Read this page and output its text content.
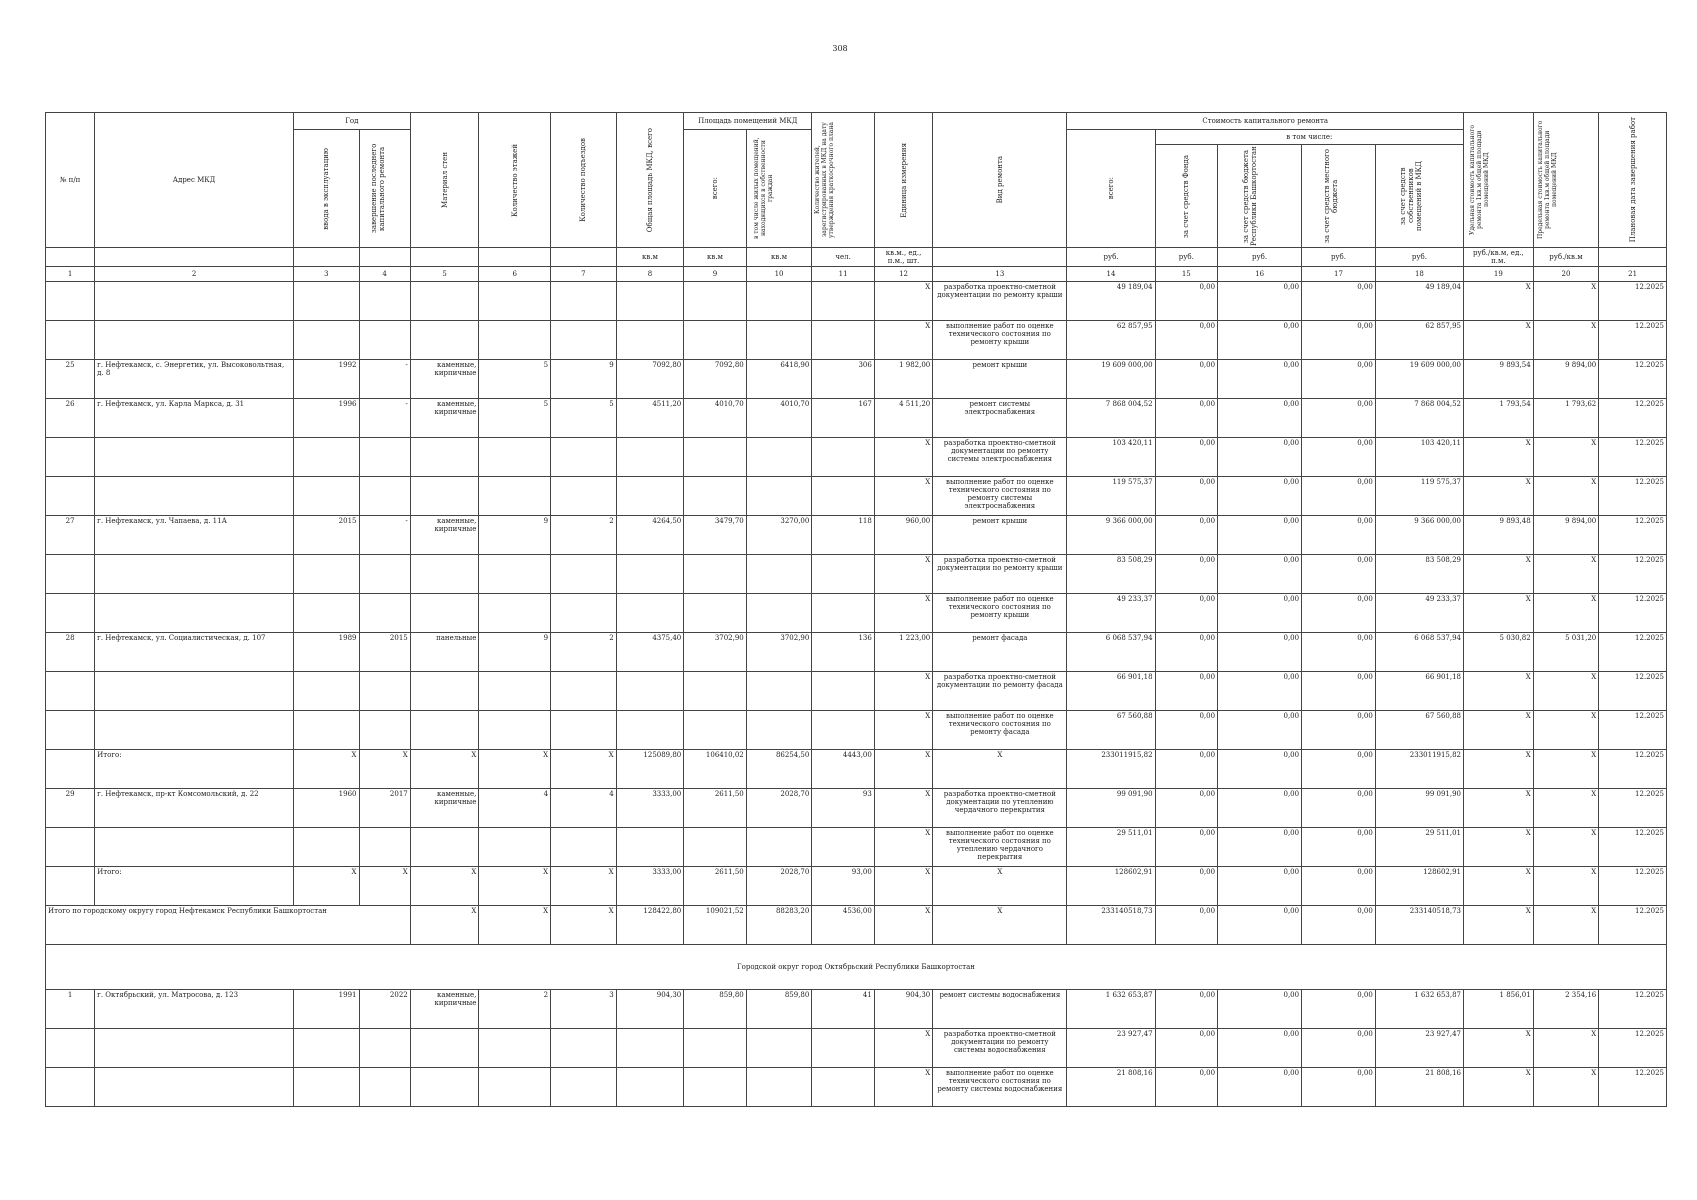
308
№ п/п	Адрес МКД	Год		Материал стен	Количество этажей	Количество подъездов	Общая площадь МКД, всего	Площадь помещений МКД		Количество жителей, зарегистрированных в МКД на дату утверждения краткосрочного плана	Единица измерения	Вид ремонта	Стоимость капитального ремонта					Удельная стоимость капитального ремонта 1кв.м общей площади помещений МКД	Предельная стоимость капитального ремонта 1кв.м общей площади помещений МКД	Плановая дата завершения работ

		ввода в эксплуатацию	завершение последнего капитального ремонта					всего:	в том числе жилых помещений, находящихся в собственности граждан				всего:	в том числе:						

														за счет средств Фонда	за счет средств бюджета Республики Башкортостан	за счет средств местного бюджета	за счет средств собственников помещений в МКД			

							кв.м	кв.м	кв.м	чел.	кв.м., ед., п.м., шт.		руб.	руб.	руб.	руб.	руб.	руб./кв.м, ед., п.м.	руб./кв.м	
1	2	3	4	5	6	7	8	9	10	11	12	13	14	15	16	17	18	19	20	21
											X	разработка проектно-сметной документации по ремонту крыши	49 189,04	0,00	0,00	0,00	49 189,04	X	X	12.2025
											X	выполнение работ по оценке технического состояния по ремонту крыши	62 857,95	0,00	0,00	0,00	62 857,95	X	X	12.2025
25	г. Нефтекамск, с. Энергетик, ул. Высоковольтная, д. 8	1992	-	каменные, кирпичные	5	9	7092,80	7092,80	6418,90	306	1 982,00	ремонт крыши	19 609 000,00	0,00	0,00	0,00	19 609 000,00	9 893,54	9 894,00	12.2025
26	г. Нефтекамск, ул. Карла Маркса, д. 31	1996	-	каменные, кирпичные	5	5	4511,20	4010,70	4010,70	167	4 511,20	ремонт системы электроснабжения	7 868 004,52	0,00	0,00	0,00	7 868 004,52	1 793,54	1 793,62	12.2025
											X	разработка проектно-сметной документации по ремонту системы электроснабжения	103 420,11	0,00	0,00	0,00	103 420,11	X	X	12.2025
											X	выполнение работ по оценке технического состояния по ремонту системы электроснабжения	119 575,37	0,00	0,00	0,00	119 575,37	X	X	12.2025
27	г. Нефтекамск, ул. Чапаева, д. 11А	2015	-	каменные, кирпичные	9	2	4264,50	3479,70	3270,00	118	960,00	ремонт крыши	9 366 000,00	0,00	0,00	0,00	9 366 000,00	9 893,48	9 894,00	12.2025
											X	разработка проектно-сметной документации по ремонту крыши	83 508,29	0,00	0,00	0,00	83 508,29	X	X	12.2025
											X	выполнение работ по оценке технического состояния по ремонту крыши	49 233,37	0,00	0,00	0,00	49 233,37	X	X	12.2025
28	г. Нефтекамск, ул. Социалистическая, д. 107	1989	2015	панельные	9	2	4375,40	3702,90	3702,90	136	1 223,00	ремонт фасада	6 068 537,94	0,00	0,00	0,00	6 068 537,94	5 030,82	5 031,20	12.2025
											X	разработка проектно-сметной документации по ремонту фасада	66 901,18	0,00	0,00	0,00	66 901,18	X	X	12.2025
											X	выполнение работ по оценке технического состояния по ремонту фасада	67 560,88	0,00	0,00	0,00	67 560,88	X	X	12.2025
	Итого:	X	X	X	X	X	125089,80	106410,02	86254,50	4443,00	X	X	233011915,82	0,00	0,00	0,00	233011915,82	X	X	12.2025
29	г. Нефтекамск, пр-кт Комсомольский, д. 22	1960	2017	каменные, кирпичные	4	4	3333,00	2611,50	2028,70	93	X	разработка проектно-сметной документации по утеплению чердачного перекрытия	99 091,90	0,00	0,00	0,00	99 091,90	X	X	12.2025
											X	выполнение работ по оценке технического состояния по утеплению чердачного перекрытия	29 511,01	0,00	0,00	0,00	29 511,01	X	X	12.2025
	Итого:	X	X	X	X	X	3333,00	2611,50	2028,70	93,00	X	X	128602,91	0,00	0,00	0,00	128602,91	X	X	12.2025
Итого по городскому округу город Нефтекамск Республики Башкортостан				X	X	X	128422,80	109021,52	88283,20	4536,00	X	X	233140518,73	0,00	0,00	0,00	233140518,73	X	X	12.2025
Городской округ город Октябрьский Республики Башкортостан																				
1	г. Октябрьский, ул. Матросова, д. 123	1991	2022	каменные, кирпичные	2	3	904,30	859,80	859,80	41	904,30	ремонт системы водоснабжения	1 632 653,87	0,00	0,00	0,00	1 632 653,87	1 856,01	2 354,16	12.2025
											X	разработка проектно-сметной документации по ремонту системы водоснабжения	23 927,47	0,00	0,00	0,00	23 927,47	X	X	12.2025
											X	выполнение работ по оценке технического состояния по ремонту системы водоснабжения	21 808,16	0,00	0,00	0,00	21 808,16	X	X	12.2025
